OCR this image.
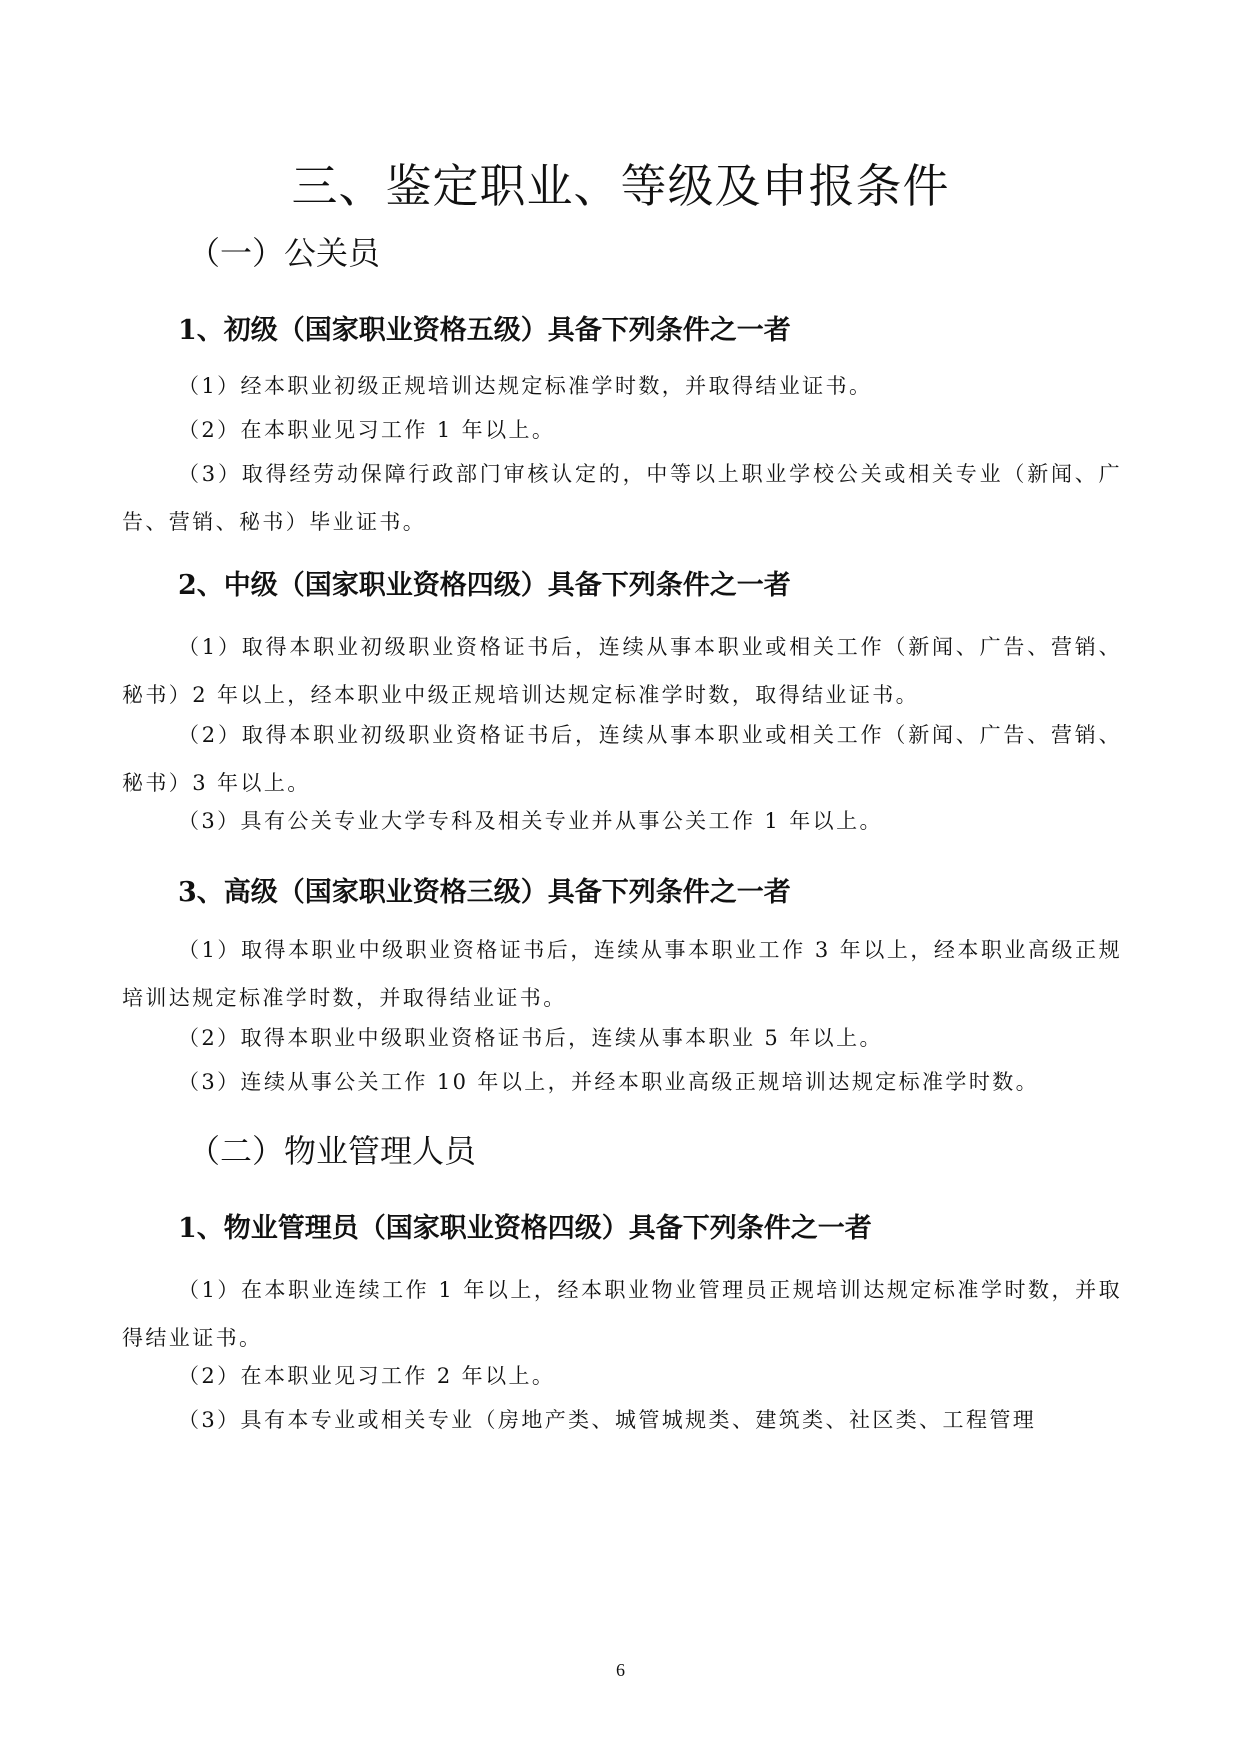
三、鉴定职业、等级及申报条件
（一）公关员
1、初级（国家职业资格五级）具备下列条件之一者

（1）经本职业初级正规培训达规定标准学时数，并取得结业证书。

（2）在本职业见习工作 1 年以上。

（3）取得经劳动保障行政部门审核认定的，中等以上职业学校公关或相关专业（新闻、广告、营销、秘书）毕业证书。

2、中级（国家职业资格四级）具备下列条件之一者

（1）取得本职业初级职业资格证书后，连续从事本职业或相关工作（新闻、广告、营销、秘书）2 年以上，经本职业中级正规培训达规定标准学时数，取得结业证书。

（2）取得本职业初级职业资格证书后，连续从事本职业或相关工作（新闻、广告、营销、秘书）3 年以上。

（3）具有公关专业大学专科及相关专业并从事公关工作 1 年以上。

3、高级（国家职业资格三级）具备下列条件之一者

（1）取得本职业中级职业资格证书后，连续从事本职业工作 3 年以上，经本职业高级正规培训达规定标准学时数，并取得结业证书。

（2）取得本职业中级职业资格证书后，连续从事本职业 5 年以上。

（3）连续从事公关工作 10 年以上，并经本职业高级正规培训达规定标准学时数。

（二）物业管理人员
1、物业管理员（国家职业资格四级）具备下列条件之一者

（1）在本职业连续工作 1 年以上，经本职业物业管理员正规培训达规定标准学时数，并取得结业证书。

（2）在本职业见习工作 2 年以上。

（3）具有本专业或相关专业（房地产类、城管城规类、建筑类、社区类、工程管理

6
